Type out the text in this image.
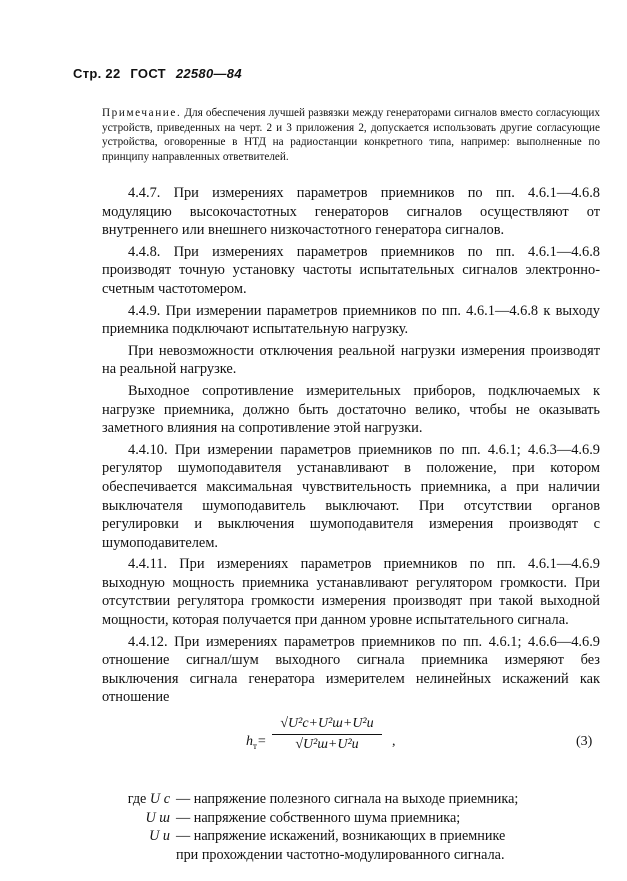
Стр. 22 ГОСТ 22580—84
Примечание. Для обеспечения лучшей развязки между генераторами сигналов вместо согласующих устройств, приведенных на черт. 2 и 3 приложения 2, допускается использовать другие согласующие устройства, оговоренные в НТД на радиостанции конкретного типа, например: выполненные по принципу направленных ответвителей.

4.4.7. При измерениях параметров приемников по пп. 4.6.1—4.6.8 модуляцию высокочастотных генераторов сигналов осуществляют от внутреннего или внешнего низкочастотного генератора сигналов.

4.4.8. При измерениях параметров приемников по пп. 4.6.1—4.6.8 производят точную установку частоты испытательных сигналов электронно-счетным частотомером.

4.4.9. При измерении параметров приемников по пп. 4.6.1—4.6.8 к выходу приемника подключают испытательную нагрузку.

При невозможности отключения реальной нагрузки измерения производят на реальной нагрузке.

Выходное сопротивление измерительных приборов, подключаемых к нагрузке приемника, должно быть достаточно велико, чтобы не оказывать заметного влияния на сопротивление этой нагрузки.

4.4.10. При измерении параметров приемников по пп. 4.6.1; 4.6.3—4.6.9 регулятор шумоподавителя устанавливают в положение, при котором обеспечивается максимальная чувствительность приемника, а при наличии выключателя шумоподавитель выключают. При отсутствии органов регулировки и выключения шумоподавителя измерения производят с шумоподавителем.

4.4.11. При измерениях параметров приемников по пп. 4.6.1—4.6.9 выходную мощность приемника устанавливают регулятором громкости. При отсутствии регулятора громкости измерения производят при такой выходной мощности, которая получается при данном уровне испытательного сигнала.

4.4.12. При измерениях параметров приемников по пп. 4.6.1; 4.6.6—4.6.9 отношение сигнал/шум выходного сигнала приемника измеряют без выключения сигнала генератора измерителем нелинейных искажений как отношение

$h_т=$
√U²с+U²ш+U²и
√U²ш+U²и	,	(3)
где U с — напряжение полезного сигнала на выходе приемника;
U ш — напряжение собственного шума приемника;
U и — напряжение искажений, возникающих в приемнике
при прохождении частотно-модулированного сигнала.
